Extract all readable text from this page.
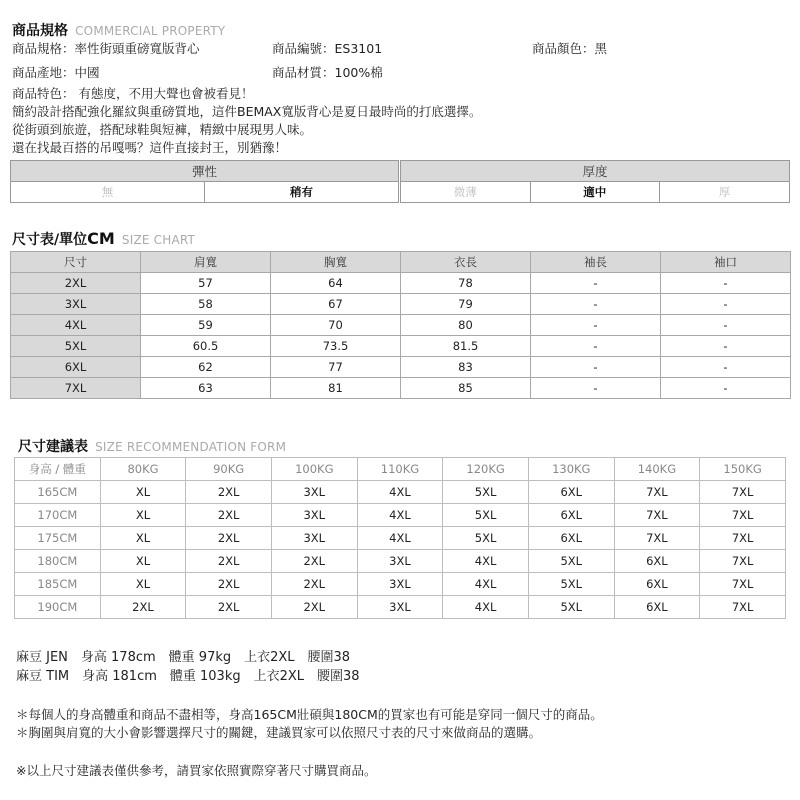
商品規格 COMMERCIAL PROPERTY
商品規格：率性街頭重磅寬版背心	商品編號：ES3101	商品顏色：黑
商品產地：中國	商品材質：100%棉
商品特色： 有態度，不用大聲也會被看見！
簡約設計搭配強化羅紋與重磅質地，這件BEMAX寬版背心是夏日最時尚的打底選擇。
從街頭到旅遊，搭配球鞋與短褲，精緻中展現男人味。
還在找最百搭的吊嘎嗎？這件直接封王，別猶豫！
彈性
無	稍有
厚度
微薄	適中	厚
尺寸表/單位CM SIZE CHART
尺寸	肩寬	胸寬	衣長	袖長	袖口
2XL	57	64	78	-	-
3XL	58	67	79	-	-
4XL	59	70	80	-	-
5XL	60.5	73.5	81.5	-	-
6XL	62	77	83	-	-
7XL	63	81	85	-	-
尺寸建議表 SIZE RECOMMENDATION FORM
身高 / 體重	80KG	90KG	100KG	110KG	120KG	130KG	140KG	150KG
165CM	XL	2XL	3XL	4XL	5XL	6XL	7XL	7XL
170CM	XL	2XL	3XL	4XL	5XL	6XL	7XL	7XL
175CM	XL	2XL	3XL	4XL	5XL	6XL	7XL	7XL
180CM	XL	2XL	2XL	3XL	4XL	5XL	6XL	7XL
185CM	XL	2XL	2XL	3XL	4XL	5XL	6XL	7XL
190CM	2XL	2XL	2XL	3XL	4XL	5XL	6XL	7XL
麻豆 JEN　身高 178cm　體重 97kg　上衣2XL　腰圍38
麻豆 TIM　身高 181cm　體重 103kg　上衣2XL　腰圍38
＊每個人的身高體重和商品不盡相等，身高165CM壯碩與180CM的買家也有可能是穿同一個尺寸的商品。
＊胸圍與肩寬的大小會影響選擇尺寸的關鍵，建議買家可以依照尺寸表的尺寸來做商品的選購。
※以上尺寸建議表僅供參考，請買家依照實際穿著尺寸購買商品。
